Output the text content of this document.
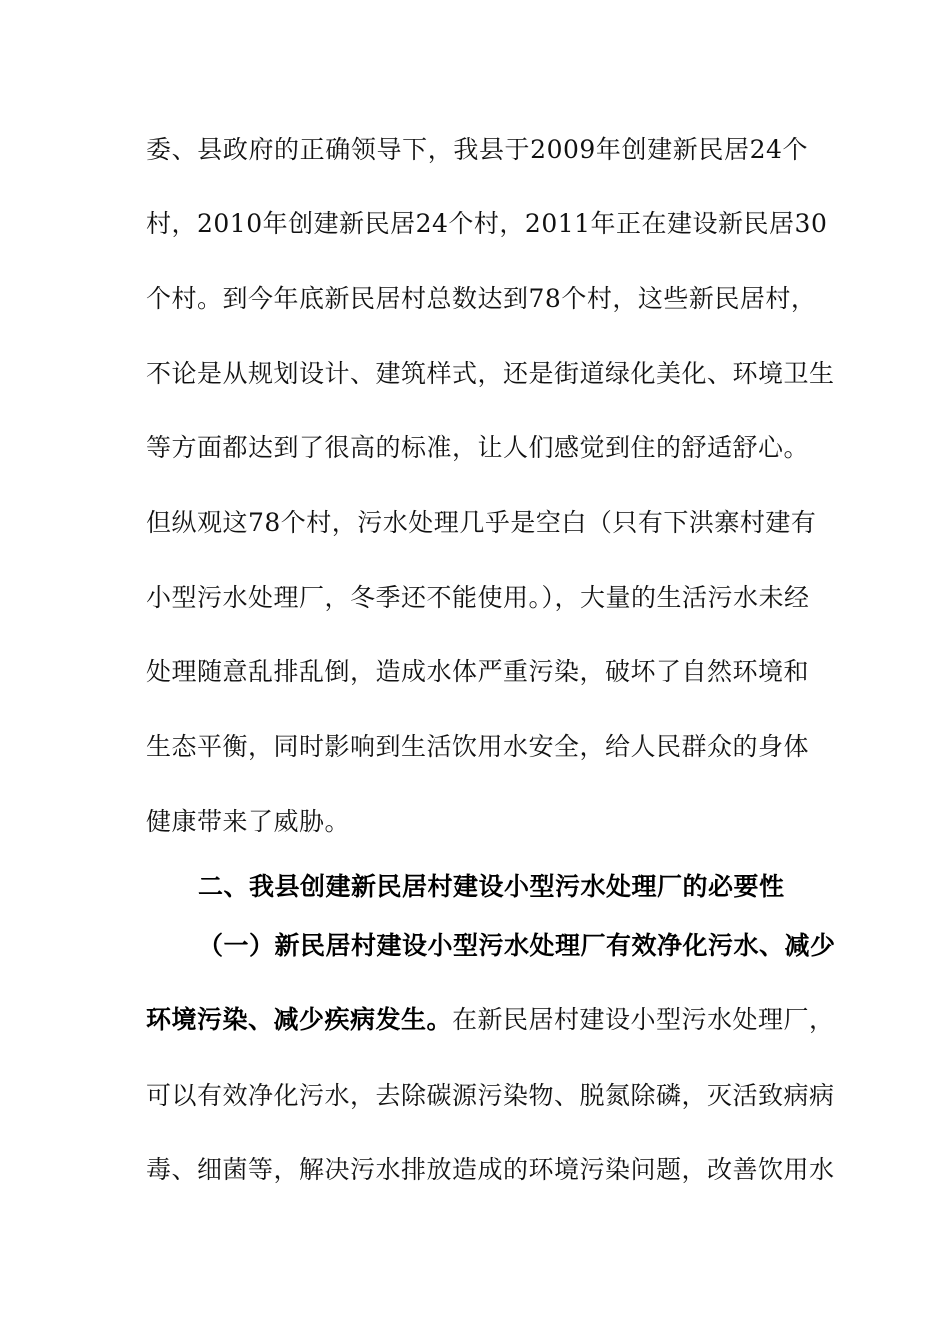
委、县政府的正确领导下，我县于2009年创建新民居24个
村，2010年创建新民居24个村，2011年正在建设新民居30
个村。到今年底新民居村总数达到78个村，这些新民居村，
不论是从规划设计、建筑样式，还是街道绿化美化、环境卫生
等方面都达到了很高的标准，让人们感觉到住的舒适舒心。
但纵观这78个村，污水处理几乎是空白（只有下洪寨村建有
小型污水处理厂，冬季还不能使用。），大量的生活污水未经
处理随意乱排乱倒，造成水体严重污染，破坏了自然环境和
生态平衡，同时影响到生活饮用水安全，给人民群众的身体
健康带来了威胁。
二、我县创建新民居村建设小型污水处理厂的必要性
（一）新民居村建设小型污水处理厂有效净化污水、减少
环境污染、减少疾病发生。在新民居村建设小型污水处理厂，
可以有效净化污水，去除碳源污染物、脱氮除磷，灭活致病病
毒、细菌等，解决污水排放造成的环境污染问题，改善饮用水
